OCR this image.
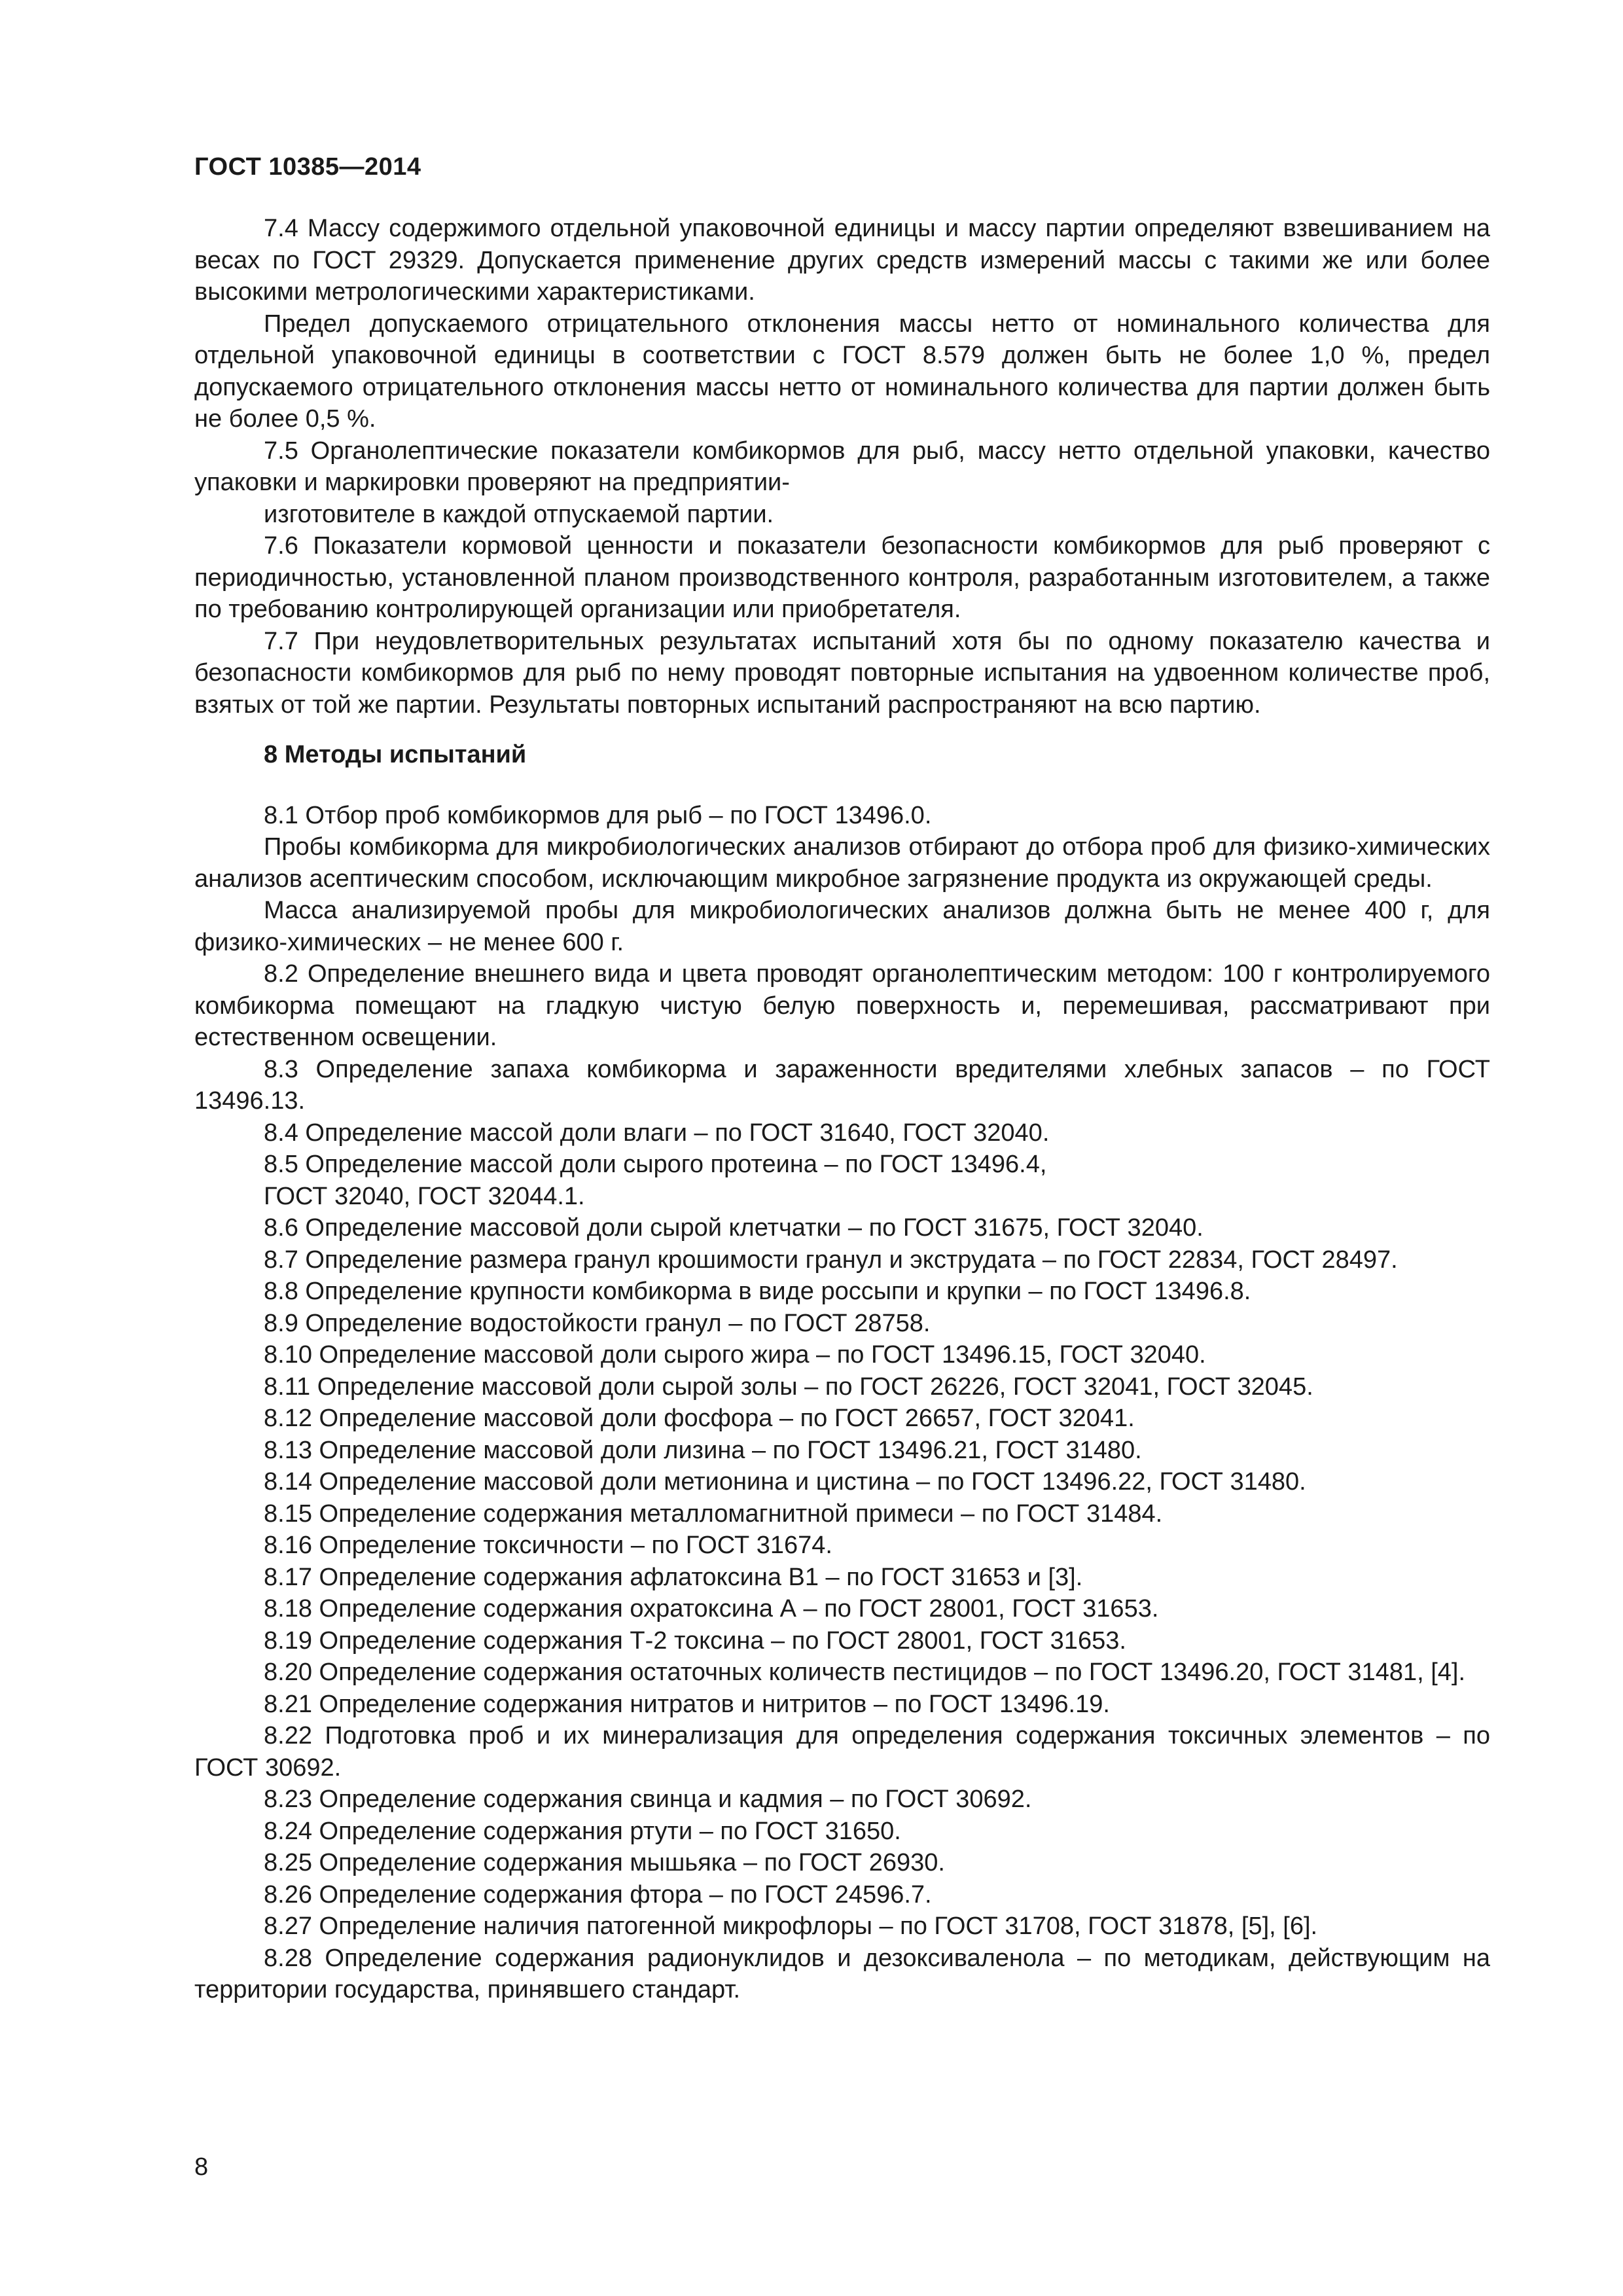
ГОСТ 10385—2014

7.4 Массу содержимого отдельной упаковочной единицы и массу партии определяют взвешиванием на весах по ГОСТ 29329. Допускается применение других средств измерений массы с такими же или более высокими метрологическими характеристиками.

Предел допускаемого отрицательного отклонения массы нетто от номинального количества для отдельной упаковочной единицы в соответствии с ГОСТ 8.579 должен быть не более 1,0 %, предел допускаемого отрицательного отклонения массы нетто от номинального количества для партии должен быть не более 0,5 %.

7.5 Органолептические показатели комбикормов для рыб, массу нетто отдельной упаковки, качество упаковки и маркировки проверяют на предприятии-

изготовителе в каждой отпускаемой партии.

7.6 Показатели кормовой ценности и показатели безопасности комбикормов для рыб проверяют с периодичностью, установленной планом производственного контроля, разработанным изготовителем, а также по требованию контролирующей организации или приобретателя.

7.7 При неудовлетворительных результатах испытаний хотя бы по одному показателю качества и безопасности комбикормов для рыб по нему проводят повторные испытания на удвоенном количестве проб, взятых от той же партии. Результаты повторных испытаний распространяют на всю партию.

8 Методы испытаний

8.1 Отбор проб комбикормов для рыб – по ГОСТ 13496.0.

Пробы комбикорма для микробиологических анализов отбирают до отбора проб для физико-химических анализов асептическим способом, исключающим микробное загрязнение продукта из окружающей среды.

Масса анализируемой пробы для микробиологических анализов должна быть не менее 400 г, для физико-химических – не менее 600 г.

8.2 Определение внешнего вида и цвета проводят органолептическим методом: 100 г контролируемого комбикорма помещают на гладкую чистую белую поверхность и, перемешивая, рассматривают при естественном освещении.

8.3 Определение запаха комбикорма и зараженности вредителями хлебных запасов – по ГОСТ 13496.13.

8.4 Определение массой доли влаги – по ГОСТ 31640, ГОСТ 32040.

8.5 Определение массой доли сырого протеина – по ГОСТ 13496.4,

ГОСТ 32040, ГОСТ 32044.1.

8.6 Определение массовой доли сырой клетчатки – по ГОСТ 31675, ГОСТ 32040.

8.7 Определение размера гранул крошимости гранул и экструдата – по ГОСТ 22834, ГОСТ 28497.

8.8 Определение крупности комбикорма в виде россыпи и крупки – по ГОСТ 13496.8.

8.9 Определение водостойкости гранул – по ГОСТ 28758.

8.10 Определение массовой доли сырого жира – по ГОСТ 13496.15, ГОСТ 32040.

8.11 Определение массовой доли сырой золы – по ГОСТ 26226, ГОСТ 32041, ГОСТ 32045.

8.12 Определение массовой доли фосфора – по ГОСТ 26657, ГОСТ 32041.

8.13 Определение массовой доли лизина – по ГОСТ 13496.21, ГОСТ 31480.

8.14 Определение массовой доли метионина и цистина – по ГОСТ 13496.22, ГОСТ 31480.

8.15 Определение содержания металломагнитной примеси – по ГОСТ 31484.

8.16 Определение токсичности – по ГОСТ 31674.

8.17 Определение содержания афлатоксина В1 – по ГОСТ 31653 и [3].

8.18 Определение содержания охратоксина А – по ГОСТ 28001, ГОСТ 31653.

8.19 Определение содержания Т-2 токсина – по ГОСТ 28001, ГОСТ 31653.

8.20 Определение содержания остаточных количеств пестицидов – по ГОСТ 13496.20, ГОСТ 31481, [4].

8.21 Определение содержания нитратов и нитритов – по ГОСТ 13496.19.

8.22 Подготовка проб и их минерализация для определения содержания токсичных элементов – по ГОСТ 30692.

8.23 Определение содержания свинца и кадмия – по ГОСТ 30692.

8.24 Определение содержания ртути – по ГОСТ 31650.

8.25 Определение содержания мышьяка – по ГОСТ 26930.

8.26 Определение содержания фтора – по ГОСТ 24596.7.

8.27 Определение наличия патогенной микрофлоры – по ГОСТ 31708, ГОСТ 31878, [5], [6].

8.28 Определение содержания радионуклидов и дезоксиваленола – по методикам, действующим на территории государства, принявшего стандарт.

8
